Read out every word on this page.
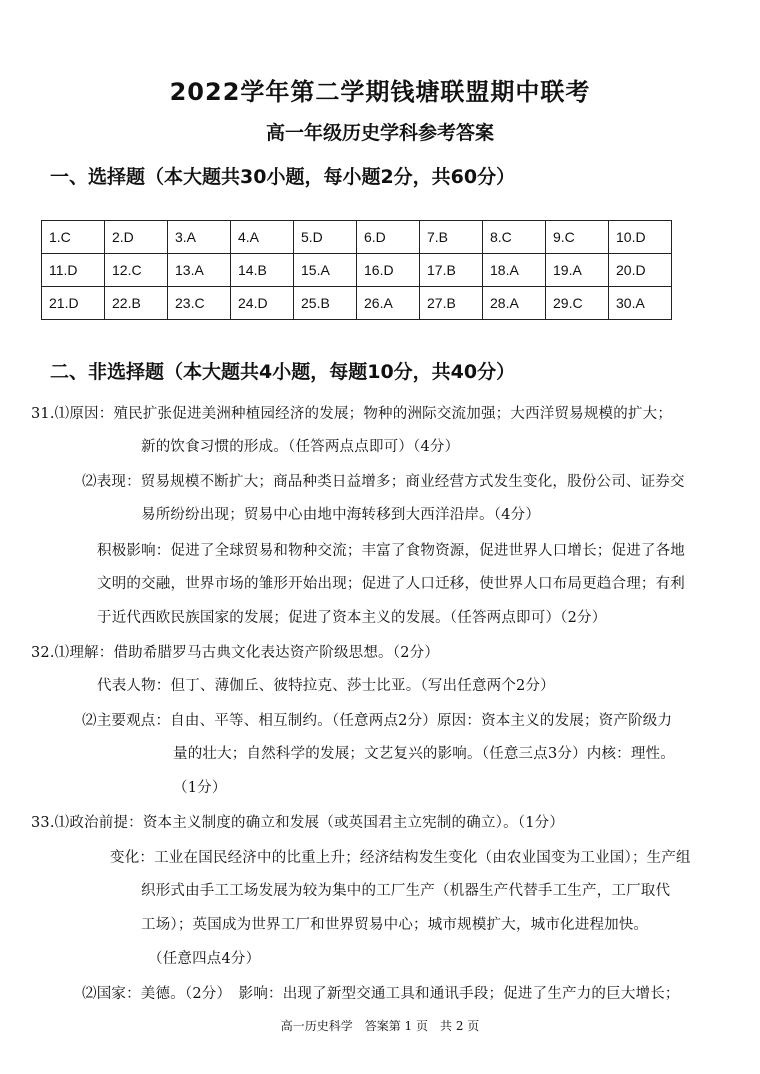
2022学年第二学期钱塘联盟期中联考
高一年级历史学科参考答案
一、选择题（本大题共30小题，每小题2分，共60分）
1.C	2.D	3.A	4.A	5.D	6.D	7.B	8.C	9.C	10.D
11.D	12.C	13.A	14.B	15.A	16.D	17.B	18.A	19.A	20.D
21.D	22.B	23.C	24.D	25.B	26.A	27.B	28.A	29.C	30.A
二、非选择题（本大题共4小题，每题10分，共40分）
31.⑴原因：殖民扩张促进美洲种植园经济的发展；物种的洲际交流加强；大西洋贸易规模的扩大；
新的饮食习惯的形成。（任答两点点即可）（4分）
⑵表现：贸易规模不断扩大；商品种类日益增多；商业经营方式发生变化，股份公司、证券交
易所纷纷出现；贸易中心由地中海转移到大西洋沿岸。（4分）
积极影响：促进了全球贸易和物种交流；丰富了食物资源，促进世界人口增长；促进了各地
文明的交融，世界市场的雏形开始出现；促进了人口迁移，使世界人口布局更趋合理；有利
于近代西欧民族国家的发展；促进了资本主义的发展。（任答两点即可）（2分）
32.⑴理解：借助希腊罗马古典文化表达资产阶级思想。（2分）
代表人物：但丁、薄伽丘、彼特拉克、莎士比亚。（写出任意两个2分）
⑵主要观点：自由、平等、相互制约。（任意两点2分）原因：资本主义的发展；资产阶级力
量的壮大；自然科学的发展；文艺复兴的影响。（任意三点3分）内核：理性。
（1分）
33.⑴政治前提：资本主义制度的确立和发展（或英国君主立宪制的确立）。（1分）
变化：工业在国民经济中的比重上升；经济结构发生变化（由农业国变为工业国）；生产组
织形式由手工工场发展为较为集中的工厂生产（机器生产代替手工生产，工厂取代
工场）；英国成为世界工厂和世界贸易中心；城市规模扩大，城市化进程加快。
（任意四点4分）
⑵国家：美德。（2分）　影响：出现了新型交通工具和通讯手段；促进了生产力的巨大增长；
高一历史科学　答案第 1 页　共 2 页
